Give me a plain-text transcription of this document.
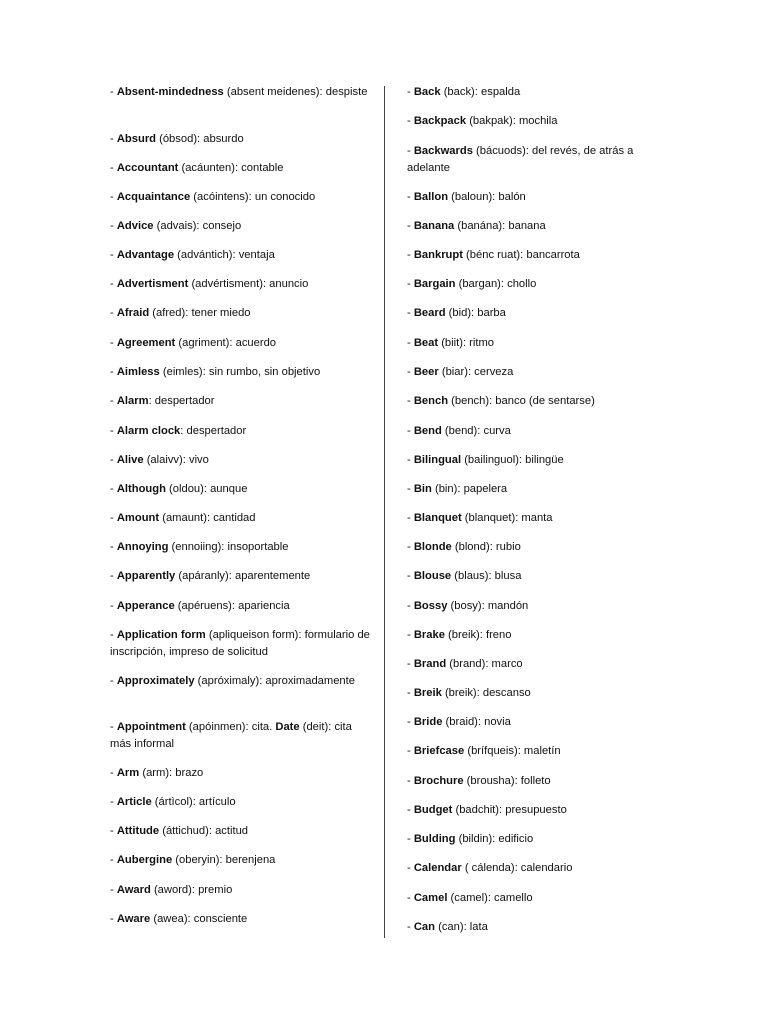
- Absent-mindedness (absent meidenes): despiste
- Absurd (óbsod): absurdo
- Accountant (acáunten): contable
- Acquaintance (acóintens): un conocido
- Advice (advais): consejo
- Advantage (advántich): ventaja
- Advertisment (advértisment): anuncio
- Afraid (afred): tener miedo
- Agreement (agriment): acuerdo
- Aimless (eimles): sin rumbo, sin objetivo
- Alarm: despertador
- Alarm clock: despertador
- Alive (alaivv): vivo
- Although (oldou): aunque
- Amount (amaunt): cantidad
- Annoying (ennoiing): insoportable
- Apparently (apáranly): aparentemente
- Apperance (apéruens): apariencia
- Application form (apliqueison form): formulario de inscripción, impreso de solicitud
- Approximately (apróximaly): aproximadamente
- Appointment (apóinmen): cita. Date (deit): cita más informal
- Arm (arm): brazo
- Article (ártìcol): artículo
- Attitude (áttichud): actitud
- Aubergine (oberyin): berenjena
- Award (aword): premio
- Aware (awea): consciente
- Back (back): espalda
- Backpack (bakpak): mochila
- Backwards (bácuods): del revés, de atrás a adelante
- Ballon (baloun): balón
- Banana (banána): banana
- Bankrupt (bénc ruat): bancarrota
- Bargain (bargan): chollo
- Beard (bid): barba
- Beat (biit): ritmo
- Beer (biar): cerveza
- Bench (bench): banco (de sentarse)
- Bend (bend): curva
- Bilingual (bailinguol): bilingüe
- Bin (bin): papelera
- Blanquet (blanquet): manta
- Blonde (blond): rubio
- Blouse (blaus): blusa
- Bossy (bosy): mandón
- Brake (breik): freno
- Brand (brand): marco
- Breik (breik): descanso
- Bride (braid): novia
- Briefcase (brífqueis): maletín
- Brochure (brousha): folleto
- Budget (badchit): presupuesto
- Bulding (bildin): edificio
- Calendar ( cálenda): calendario
- Camel (camel): camello
- Can (can): lata
